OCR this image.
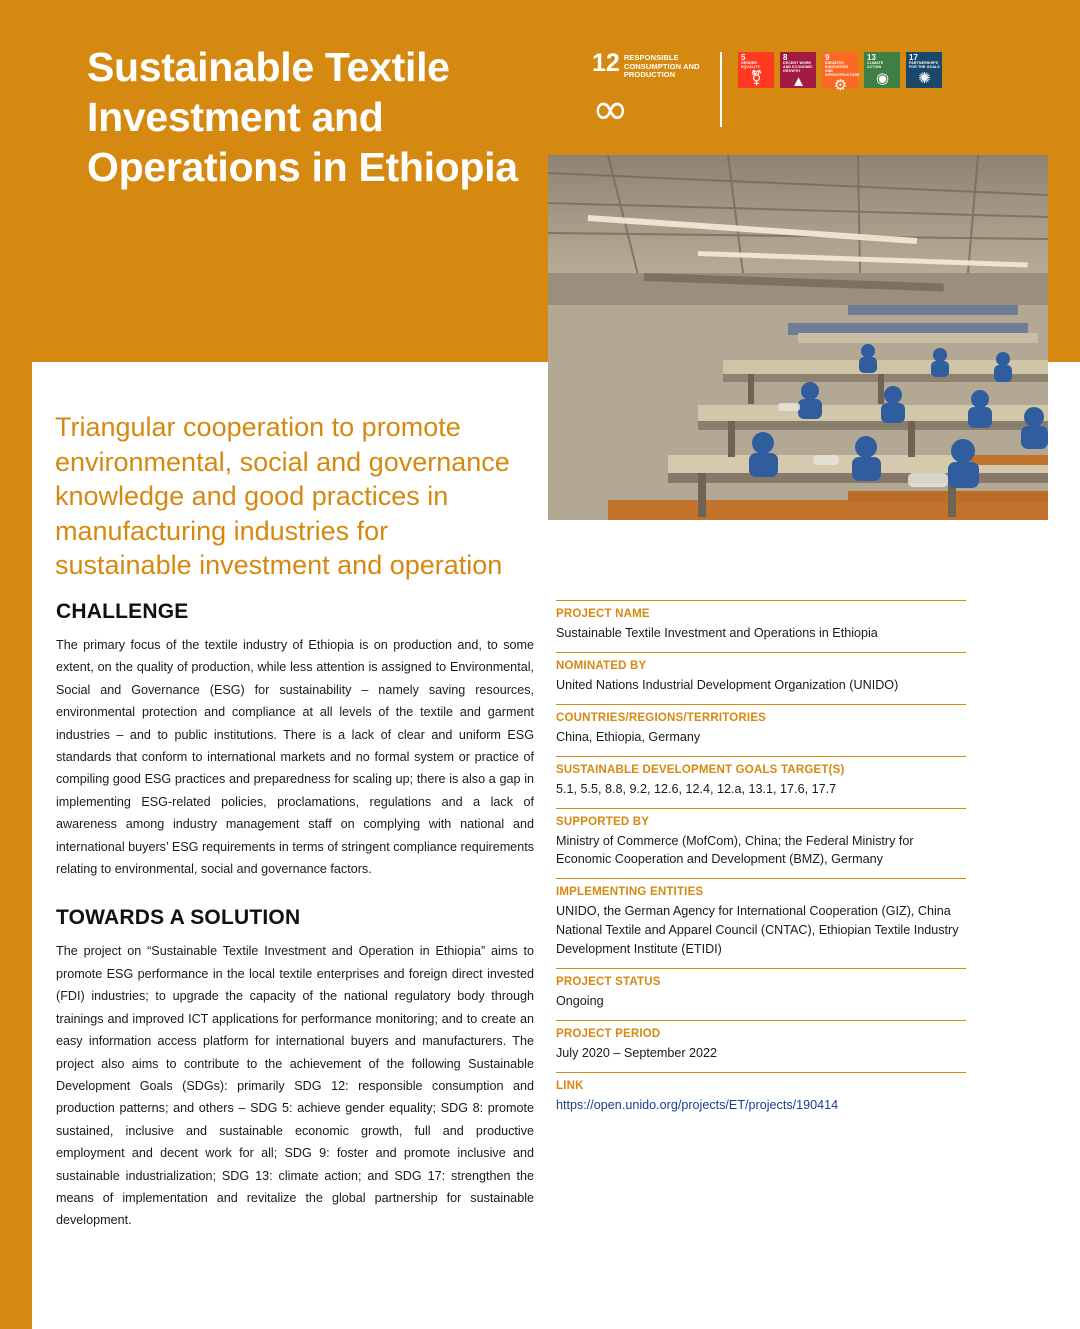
Sustainable Textile Investment and Operations in Ethiopia
12 RESPONSIBLE CONSUMPTION AND PRODUCTION
∞
5
GENDER EQUALITY
⚧
8
DECENT WORK AND ECONOMIC GROWTH
▲
9
INDUSTRY, INNOVATION AND INFRASTRUCTURE
⚙
13
CLIMATE ACTION
◉
17
PARTNERSHIPS FOR THE GOALS
✺
Triangular cooperation to promote environmental, social and governance knowledge and good practices in manufacturing industries for sustainable investment and operation
CHALLENGE

The primary focus of the textile industry of Ethiopia is on production and, to some extent, on the quality of production, while less attention is assigned to Environmental, Social and Governance (ESG) for sustainability – namely saving resources, environmental protection and compliance at all levels of the textile and garment industries – and to public institutions. There is a lack of clear and uniform ESG standards that conform to international markets and no formal system or practice of compiling good ESG practices and preparedness for scaling up; there is also a gap in implementing ESG-related policies, proclamations, regulations and a lack of awareness among industry management staff on complying with national and international buyers’ ESG requirements in terms of stringent compliance requirements relating to environmental, social and governance factors.

TOWARDS A SOLUTION

The project on “Sustainable Textile Investment and Operation in Ethiopia” aims to promote ESG performance in the local textile enterprises and foreign direct invested (FDI) industries; to upgrade the capacity of the national regulatory body through trainings and improved ICT applications for performance monitoring; and to create an easy information access platform for international buyers and manufacturers. The project also aims to contribute to the achievement of the following Sustainable Development Goals (SDGs): primarily SDG 12: responsible consumption and production patterns; and others – SDG 5: achieve gender equality; SDG 8: promote sustained, inclusive and sustainable economic growth, full and productive employment and decent work for all; SDG 9: foster and promote inclusive and sustainable industrialization; SDG 13: climate action; and SDG 17: strengthen the means of implementation and revitalize the global partnership for sustainable development.

PROJECT NAME
Sustainable Textile Investment and Operations in Ethiopia
NOMINATED BY
United Nations Industrial Development Organization (UNIDO)
COUNTRIES/REGIONS/TERRITORIES
China, Ethiopia, Germany
SUSTAINABLE DEVELOPMENT GOALS TARGET(S)
5.1, 5.5, 8.8, 9.2, 12.6, 12.4, 12.a, 13.1, 17.6, 17.7
SUPPORTED BY
Ministry of Commerce (MofCom), China; the Federal Ministry for Economic Cooperation and Development (BMZ), Germany
IMPLEMENTING ENTITIES
UNIDO, the German Agency for International Cooperation (GIZ), China National Textile and Apparel Council (CNTAC), Ethiopian Textile Industry Development Institute (ETIDI)
PROJECT STATUS
Ongoing
PROJECT PERIOD
July 2020 – September 2022
LINK
https://open.unido.org/projects/ET/projects/190414
